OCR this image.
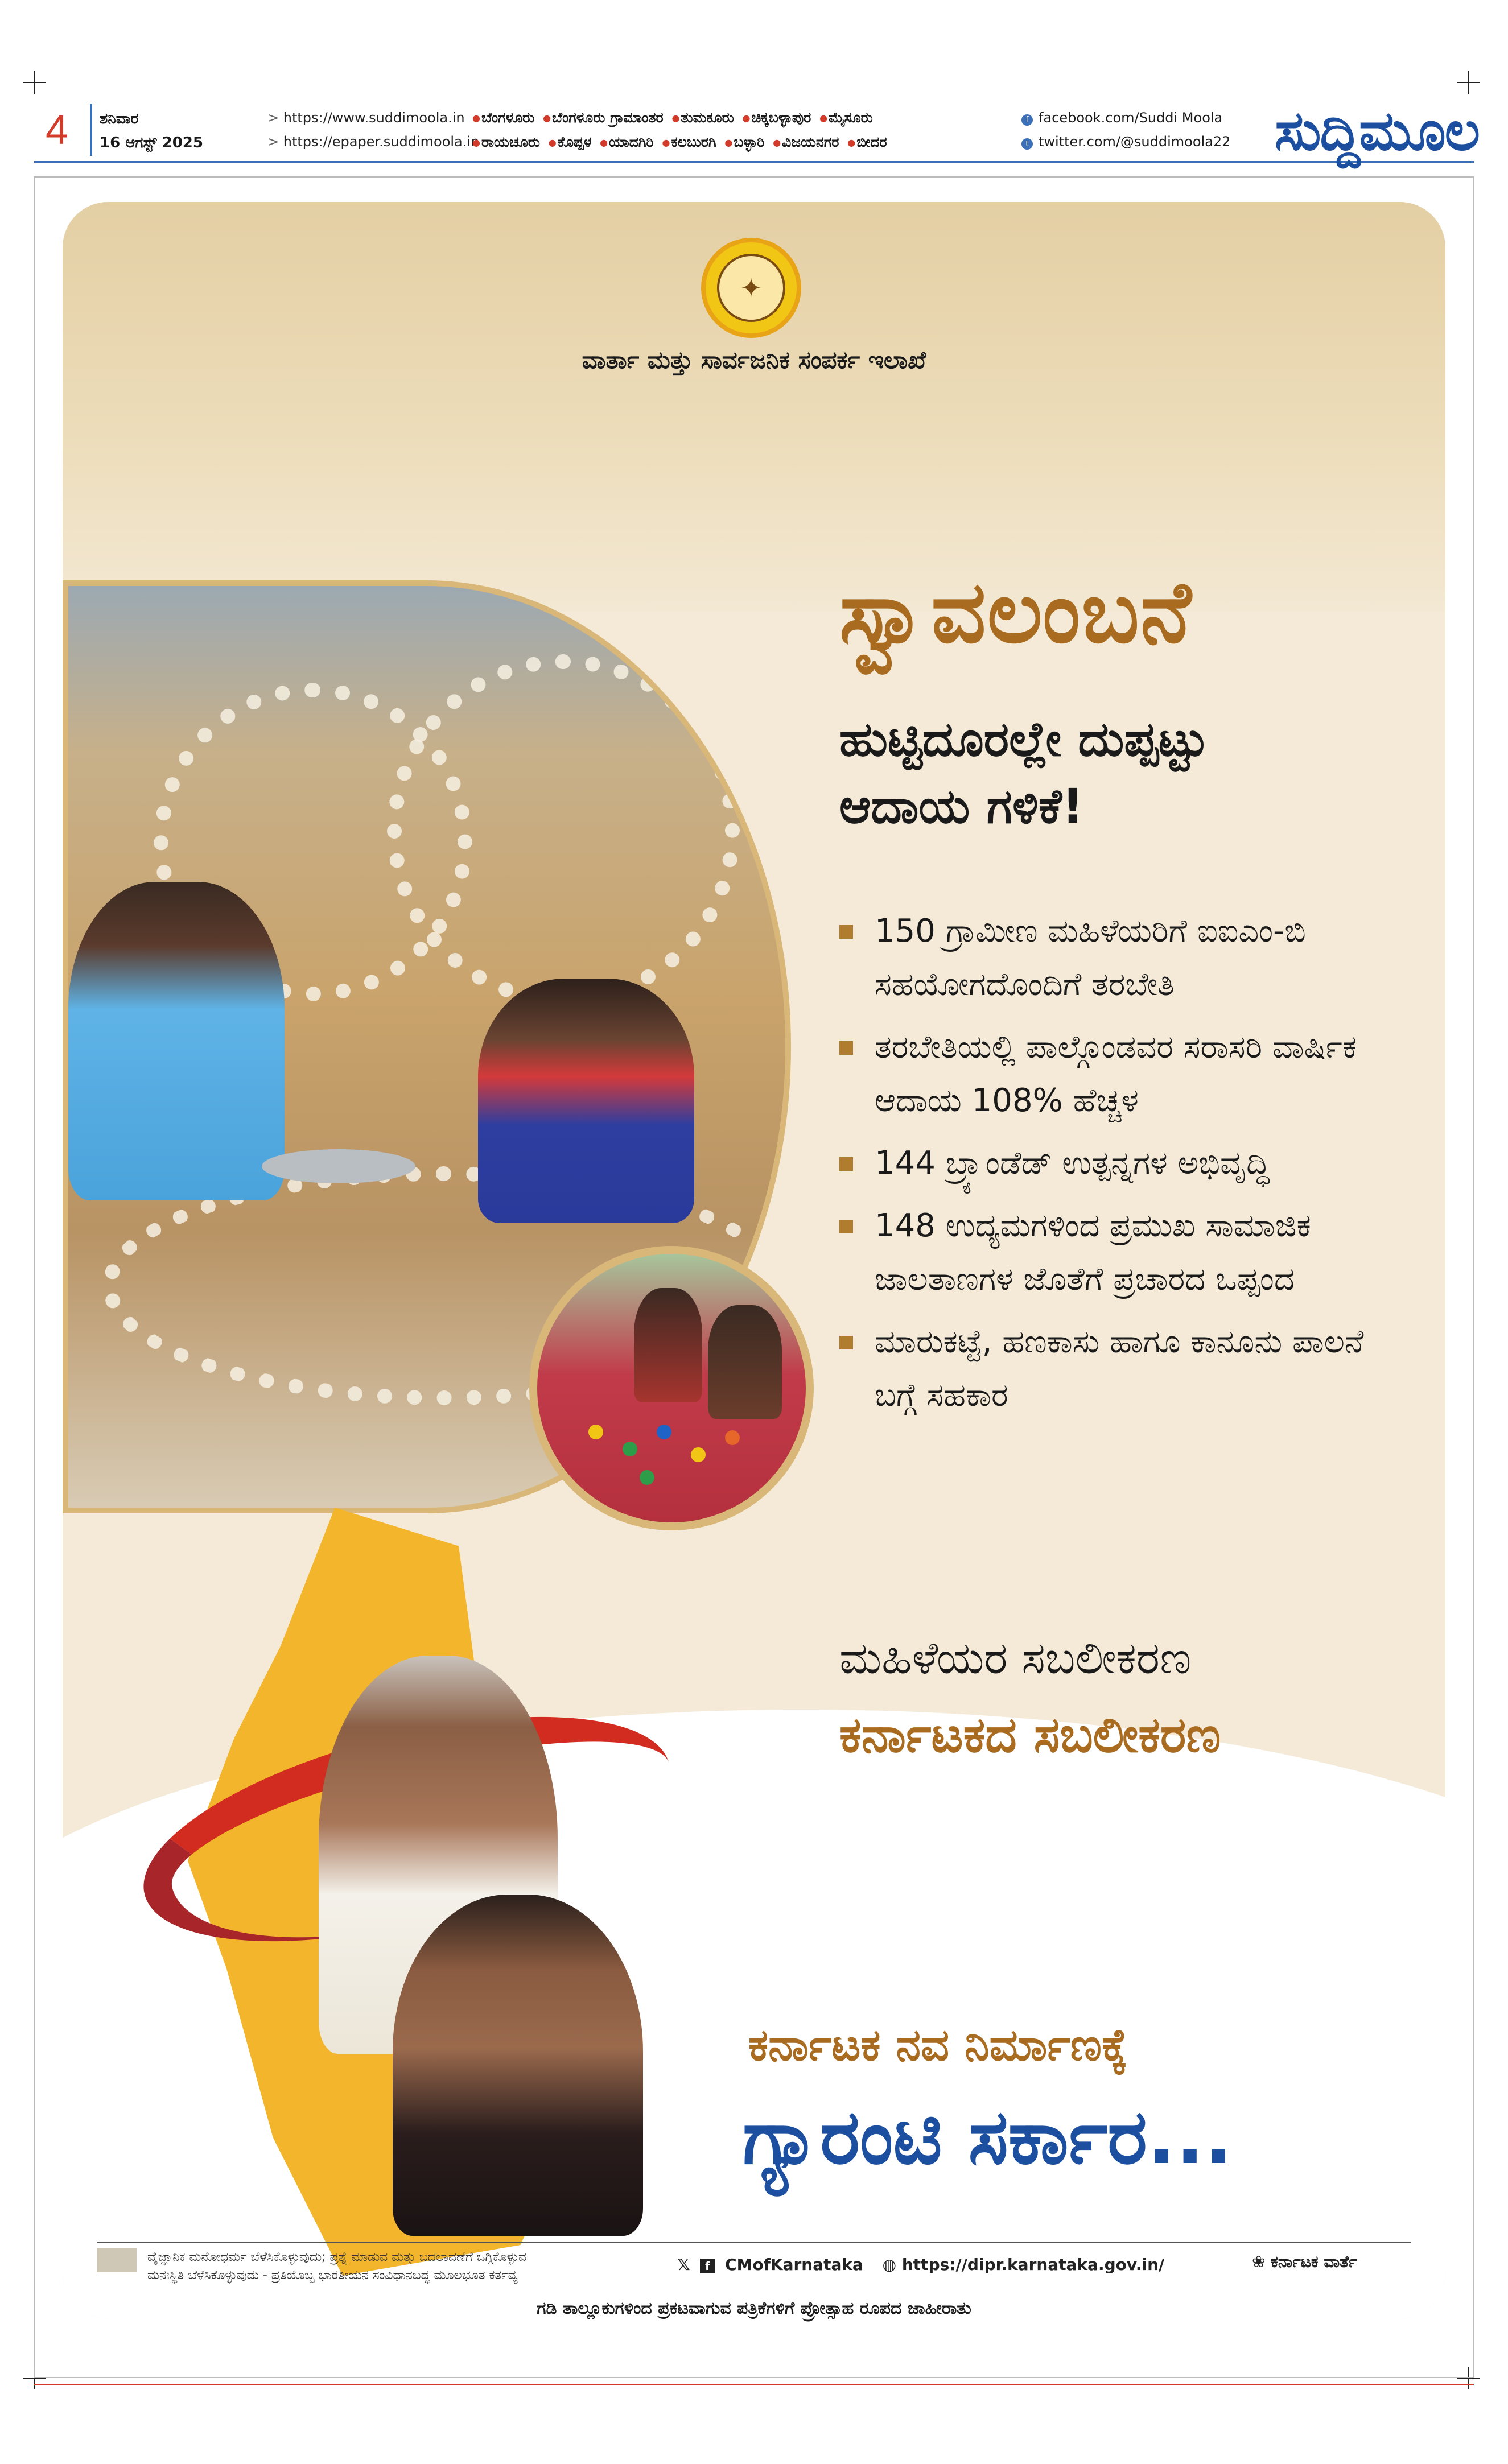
4 ಶನಿವಾರ
16 ಆಗಸ್ಟ್ 2025
> https://www.suddimoola.in
> https://epaper.suddimoola.in
● ಬೆಂಗಳೂರು ● ಬೆಂಗಳೂರು ಗ್ರಾಮಾಂತರ ● ತುಮಕೂರು ● ಚಿಕ್ಕಬಳ್ಳಾಪುರ ● ಮೈಸೂರು
● ರಾಯಚೂರು ● ಕೊಪ್ಪಳ ● ಯಾದಗಿರಿ ● ಕಲಬುರಗಿ ● ಬಳ್ಳಾರಿ ● ವಿಜಯನಗರ ● ಬೀದರ
f facebook.com/Suddi Moola
t twitter.com/@suddimoola22 ಸುದ್ದಿಮೂಲ
✦
ವಾರ್ತಾ ಮತ್ತು ಸಾರ್ವಜನಿಕ ಸಂಪರ್ಕ ಇಲಾಖೆ
ಸ್ವಾವಲಂಬನೆ
ಹುಟ್ಟಿದೂರಲ್ಲೇ ದುಪ್ಪಟ್ಟು
ಆದಾಯ ಗಳಿಕೆ!
150 ಗ್ರಾಮೀಣ ಮಹಿಳೆಯರಿಗೆ ಐಐಎಂ-ಬಿ ಸಹಯೋಗದೊಂದಿಗೆ ತರಬೇತಿ
ತರಬೇತಿಯಲ್ಲಿ ಪಾಲ್ಗೊಂಡವರ ಸರಾಸರಿ ವಾರ್ಷಿಕ ಆದಾಯ 108% ಹೆಚ್ಚಳ
144 ಬ್ರ್ಯಾಂಡೆಡ್ ಉತ್ಪನ್ನಗಳ ಅಭಿವೃದ್ಧಿ
148 ಉದ್ಯಮಗಳಿಂದ ಪ್ರಮುಖ ಸಾಮಾಜಿಕ ಜಾಲತಾಣಗಳ ಜೊತೆಗೆ ಪ್ರಚಾರದ ಒಪ್ಪಂದ
ಮಾರುಕಟ್ಟೆ, ಹಣಕಾಸು ಹಾಗೂ ಕಾನೂನು ಪಾಲನೆ ಬಗ್ಗೆ ಸಹಕಾರ
ಮಹಿಳೆಯರ ಸಬಲೀಕರಣ
ಕರ್ನಾಟಕದ ಸಬಲೀಕರಣ
ಕರ್ನಾಟಕ ನವ ನಿರ್ಮಾಣಕ್ಕೆ
ಗ್ಯಾರಂಟಿ ಸರ್ಕಾರ...

ವೈಜ್ಞಾನಿಕ ಮನೋಧರ್ಮ ಬೆಳೆಸಿಕೊಳ್ಳುವುದು; ಪ್ರಶ್ನೆ ಮಾಡುವ ಮತ್ತು ಬದಲಾವಣೆಗೆ ಒಗ್ಗಿಕೊಳ್ಳುವ
ಮನಃಸ್ಥಿತಿ ಬೆಳೆಸಿಕೊಳ್ಳುವುದು - ಪ್ರತಿಯೊಬ್ಬ ಭಾರತೀಯನ ಸಂವಿಧಾನಬದ್ಧ ಮೂಲಭೂತ ಕರ್ತವ್ಯ
𝕏 f CMofKarnataka ◍ https://dipr.karnataka.gov.in/	❀ ಕರ್ನಾಟಕ ವಾರ್ತೆ
ಗಡಿ ತಾಲ್ಲೂಕುಗಳಿಂದ ಪ್ರಕಟವಾಗುವ ಪತ್ರಿಕೆಗಳಿಗೆ ಪ್ರೋತ್ಸಾಹ ರೂಪದ ಜಾಹೀರಾತು
